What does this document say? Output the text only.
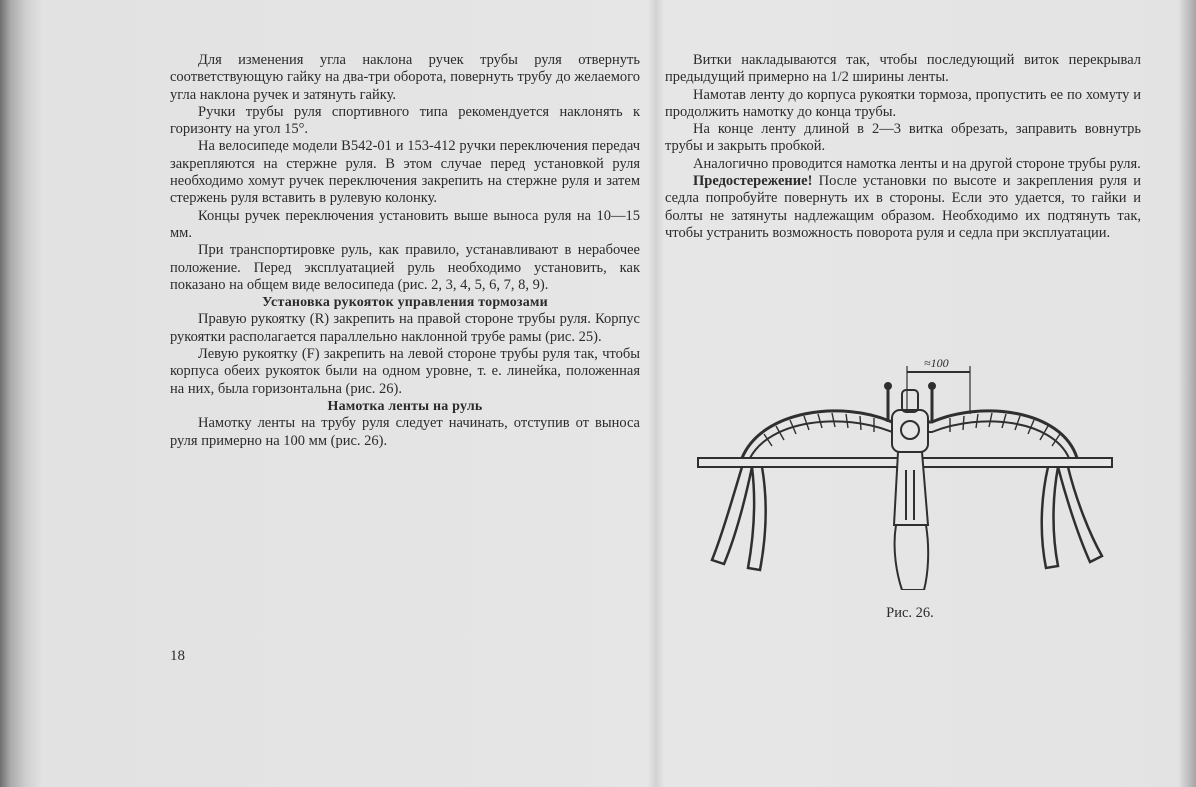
Для изменения угла наклона ручек трубы руля отвернуть соответствующую гайку на два-три оборота, повернуть трубу до желаемого угла наклона ручек и затянуть гайку.

Ручки трубы руля спортивного типа рекомендуется наклонять к горизонту на угол 15°.

На велосипеде модели В542-01 и 153-412 ручки переключения передач закрепляются на стержне руля. В этом случае перед установкой руля необходимо хомут ручек переключения закрепить на стержне руля и затем стержень руля вставить в рулевую колонку.

Концы ручек переключения установить выше выноса руля на 10—15 мм.

При транспортировке руль, как правило, устанавливают в нерабочее положение. Перед эксплуатацией руль необходимо установить, как показано на общем виде велосипеда (рис. 2, 3, 4, 5, 6, 7, 8, 9).

Установка рукояток управления тормозами

Правую рукоятку (R) закрепить на правой стороне трубы руля. Корпус рукоятки располагается параллельно наклонной трубе рамы (рис. 25).

Левую рукоятку (F) закрепить на левой стороне трубы руля так, чтобы корпуса обеих рукояток были на одном уровне, т. е. линейка, положенная на них, была горизонтальна (рис. 26).

Намотка ленты на руль

Намотку ленты на трубу руля следует начинать, отступив от выноса руля примерно на 100 мм (рис. 26).

18

Витки накладываются так, чтобы последующий виток перекрывал предыдущий примерно на 1/2 ширины ленты.

Намотав ленту до корпуса рукоятки тормоза, пропустить ее по хомуту и продолжить намотку до конца трубы.

На конце ленту длиной в 2—3 витка обрезать, заправить вовнутрь трубы и закрыть пробкой.

Аналогично проводится намотка ленты и на другой стороне трубы руля.

Предостережение! После установки по высоте и закрепления руля и седла попробуйте повернуть их в стороны. Если это удается, то гайки и болты не затянуты надлежащим образом. Необходимо их подтянуть так, чтобы устранить возможность поворота руля и седла при эксплуатации.

≈100
Рис. 26.
